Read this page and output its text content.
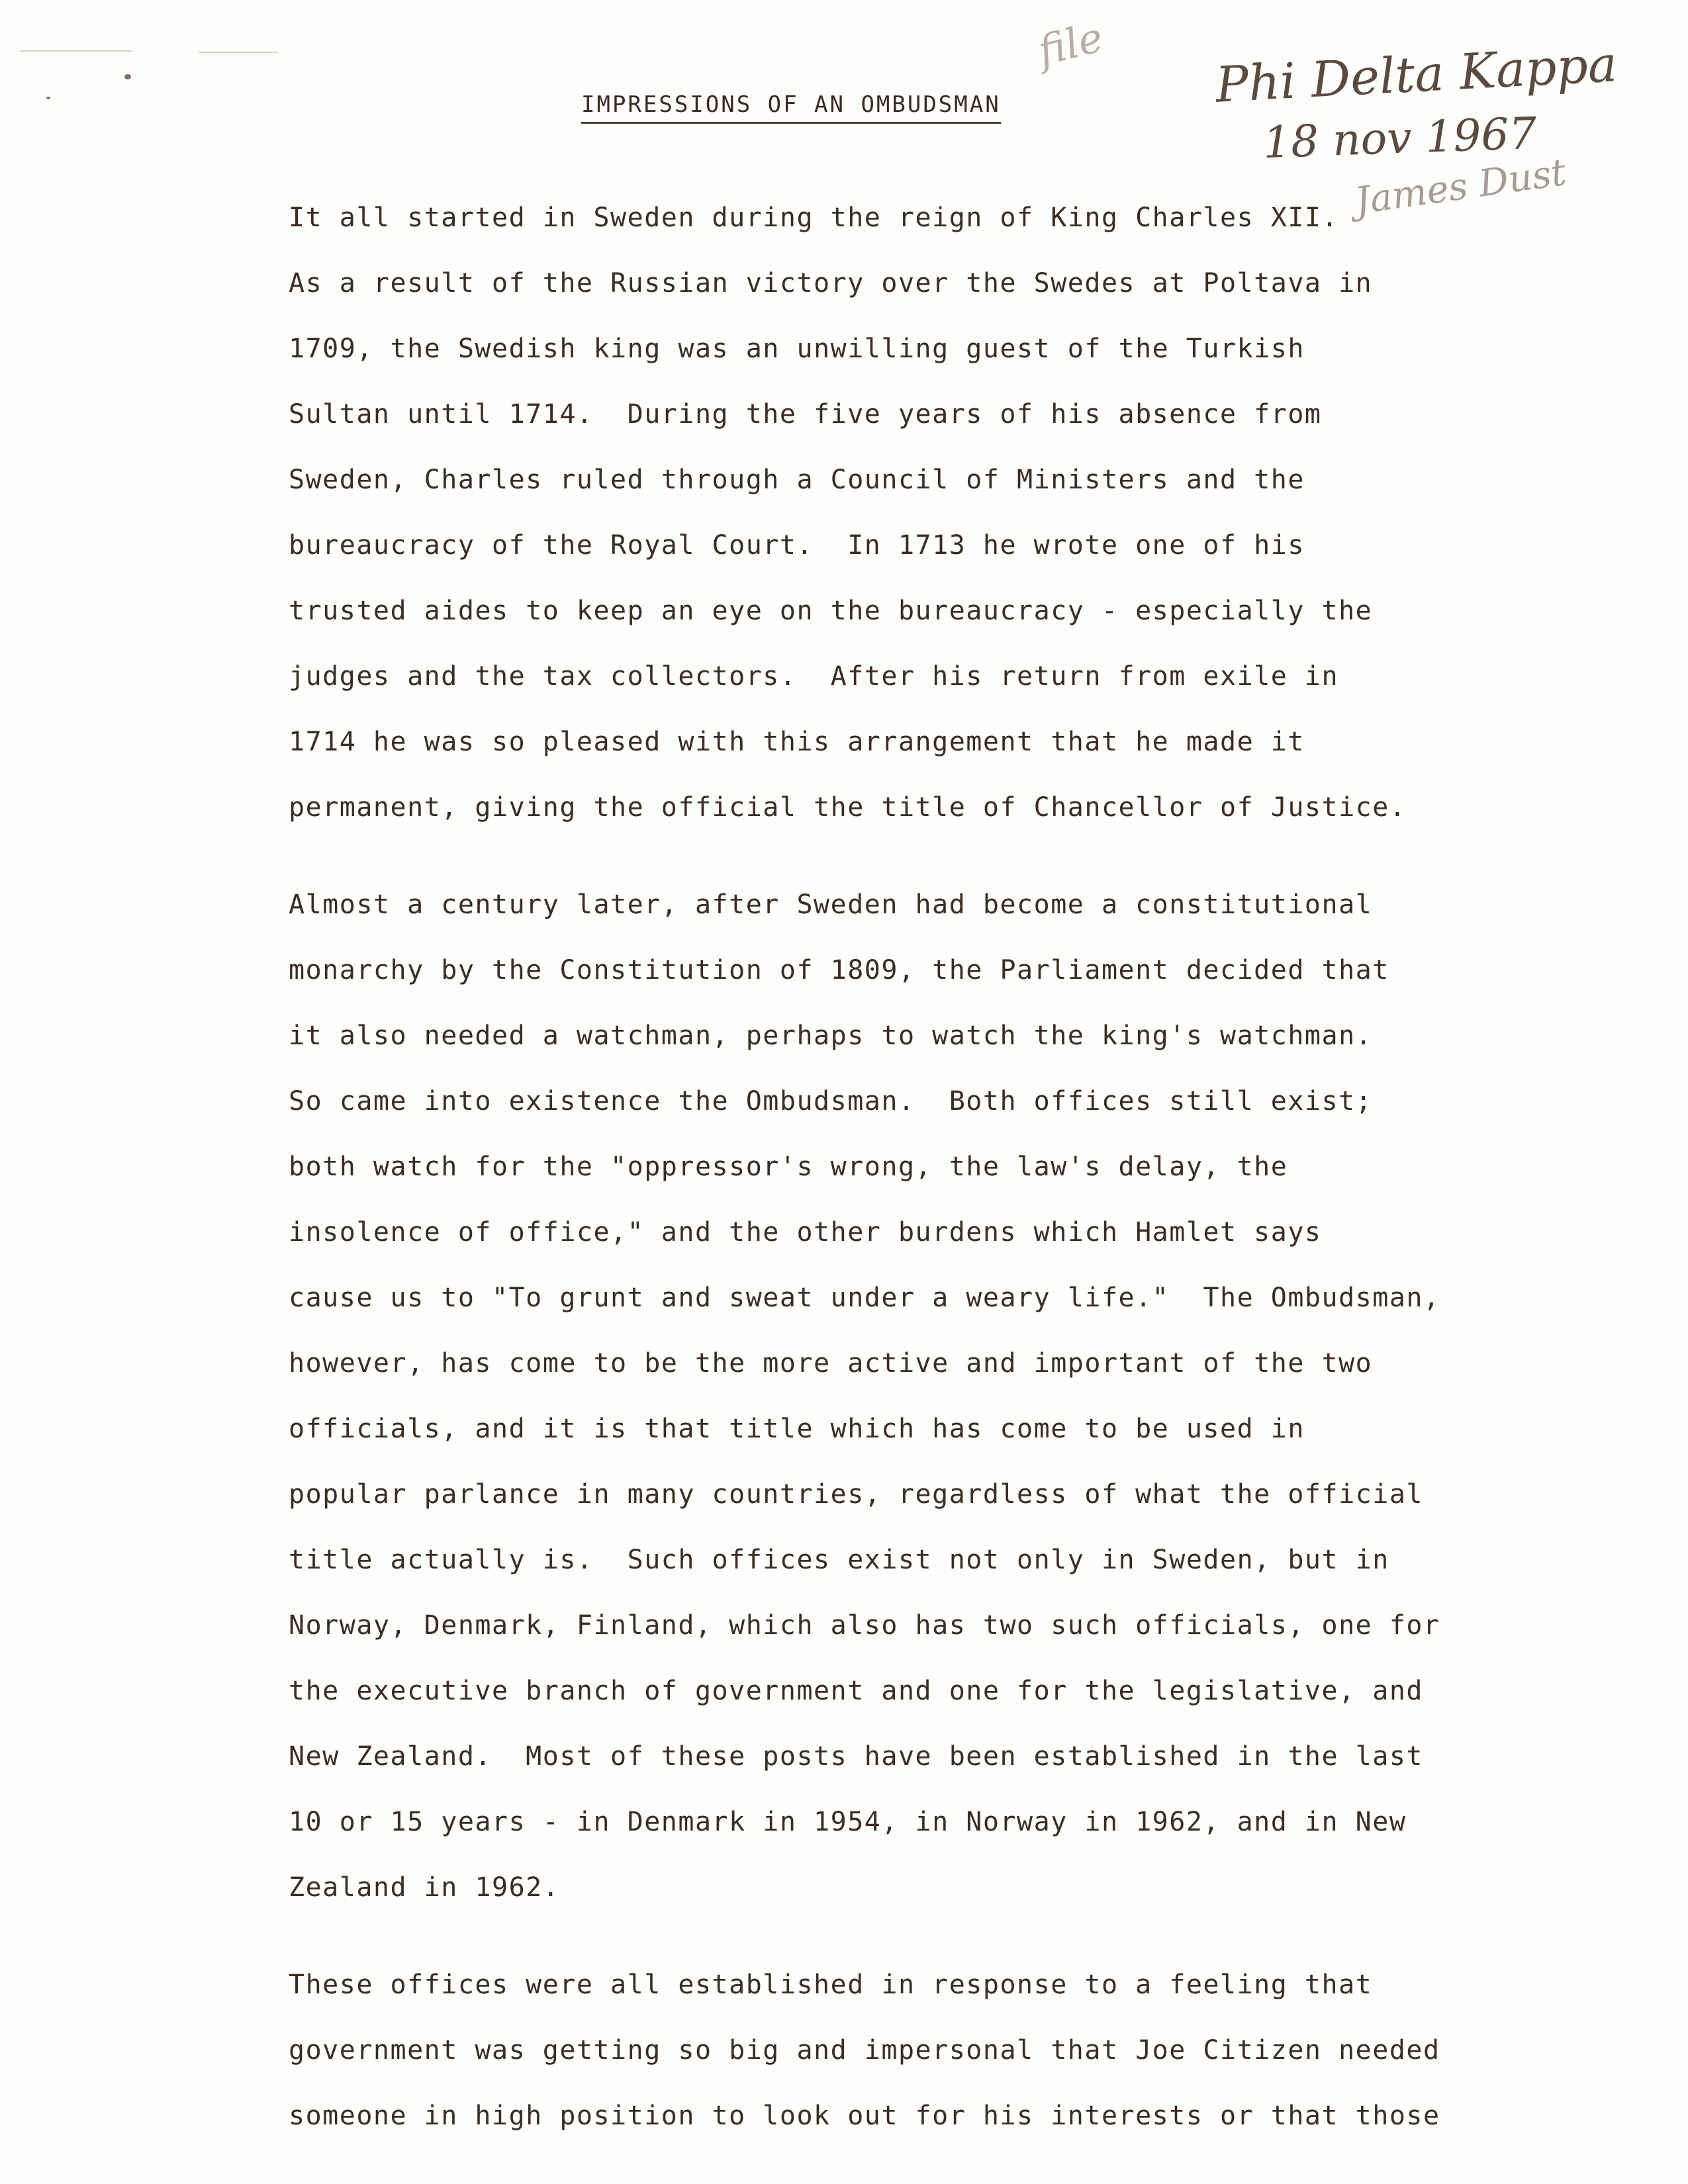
file Phi Delta Kappa
18 nov 1967
James Dust
IMPRESSIONS OF AN OMBUDSMAN
It all started in Sweden during the reign of King Charles XII.
As a result of the Russian victory over the Swedes at Poltava in
1709, the Swedish king was an unwilling guest of the Turkish
Sultan until 1714.  During the five years of his absence from
Sweden, Charles ruled through a Council of Ministers and the
bureaucracy of the Royal Court.  In 1713 he wrote one of his
trusted aides to keep an eye on the bureaucracy - especially the
judges and the tax collectors.  After his return from exile in
1714 he was so pleased with this arrangement that he made it
permanent, giving the official the title of Chancellor of Justice.
Almost a century later, after Sweden had become a constitutional
monarchy by the Constitution of 1809, the Parliament decided that
it also needed a watchman, perhaps to watch the king's watchman.
So came into existence the Ombudsman.  Both offices still exist;
both watch for the "oppressor's wrong, the law's delay, the
insolence of office," and the other burdens which Hamlet says
cause us to "To grunt and sweat under a weary life."  The Ombudsman,
however, has come to be the more active and important of the two
officials, and it is that title which has come to be used in
popular parlance in many countries, regardless of what the official
title actually is.  Such offices exist not only in Sweden, but in
Norway, Denmark, Finland, which also has two such officials, one for
the executive branch of government and one for the legislative, and
New Zealand.  Most of these posts have been established in the last
10 or 15 years - in Denmark in 1954, in Norway in 1962, and in New
Zealand in 1962.
These offices were all established in response to a feeling that
government was getting so big and impersonal that Joe Citizen needed
someone in high position to look out for his interests or that those
